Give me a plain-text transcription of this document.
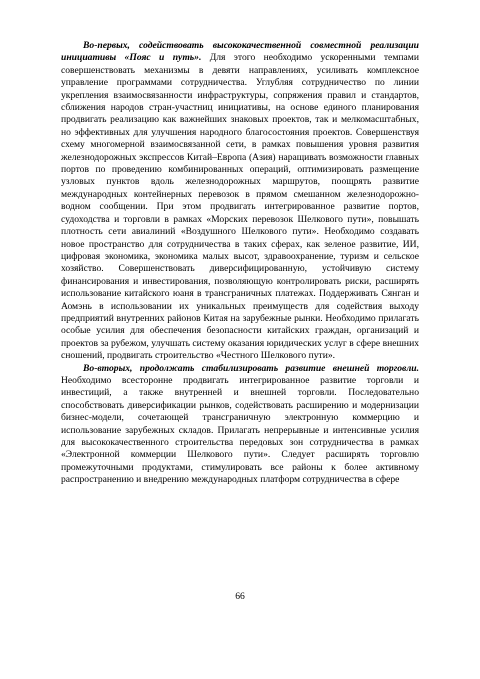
Во-первых, содействовать высококачественной совместной реализации инициативы «Пояс и путь». Для этого необходимо ускоренными темпами совершенствовать механизмы в девяти направлениях, усиливать комплексное управление программами сотрудничества. Углубляя сотрудничество по линии укрепления взаимосвязанности инфраструктуры, сопряжения правил и стандартов, сближения народов стран-участниц инициативы, на основе единого планирования продвигать реализацию как важнейших знаковых проектов, так и мелкомасштабных, но эффективных для улучшения народного благосостояния проектов. Совершенствуя схему многомерной взаимосвязанной сети, в рамках повышения уровня развития железнодорожных экспрессов Китай–Европа (Азия) наращивать возможности главных портов по проведению комбинированных операций, оптимизировать размещение узловых пунктов вдоль железнодорожных маршрутов, поощрять развитие международных контейнерных перевозок в прямом смешанном железнодорожно-водном сообщении. При этом продвигать интегрированное развитие портов, судоходства и торговли в рамках «Морских перевозок Шелкового пути», повышать плотность сети авиалиний «Воздушного Шелкового пути». Необходимо создавать новое пространство для сотрудничества в таких сферах, как зеленое развитие, ИИ, цифровая экономика, экономика малых высот, здравоохранение, туризм и сельское хозяйство. Совершенствовать диверсифицированную, устойчивую систему финансирования и инвестирования, позволяющую контролировать риски, расширять использование китайского юаня в трансграничных платежах. Поддерживать Сянган и Аомэнь в использовании их уникальных преимуществ для содействия выходу предприятий внутренних районов Китая на зарубежные рынки. Необходимо прилагать особые усилия для обеспечения безопасности китайских граждан, организаций и проектов за рубежом, улучшать систему оказания юридических услуг в сфере внешних сношений, продвигать строительство «Честного Шелкового пути».

Во-вторых, продолжать стабилизировать развитие внешней торговли. Необходимо всесторонне продвигать интегрированное развитие торговли и инвестиций, а также внутренней и внешней торговли. Последовательно способствовать диверсификации рынков, содействовать расширению и модернизации бизнес-модели, сочетающей трансграничную электронную коммерцию и использование зарубежных складов. Прилагать непрерывные и интенсивные усилия для высококачественного строительства передовых зон сотрудничества в рамках «Электронной коммерции Шелкового пути». Следует расширять торговлю промежуточными продуктами, стимулировать все районы к более активному распространению и внедрению международных платформ сотрудничества в сфере

66
